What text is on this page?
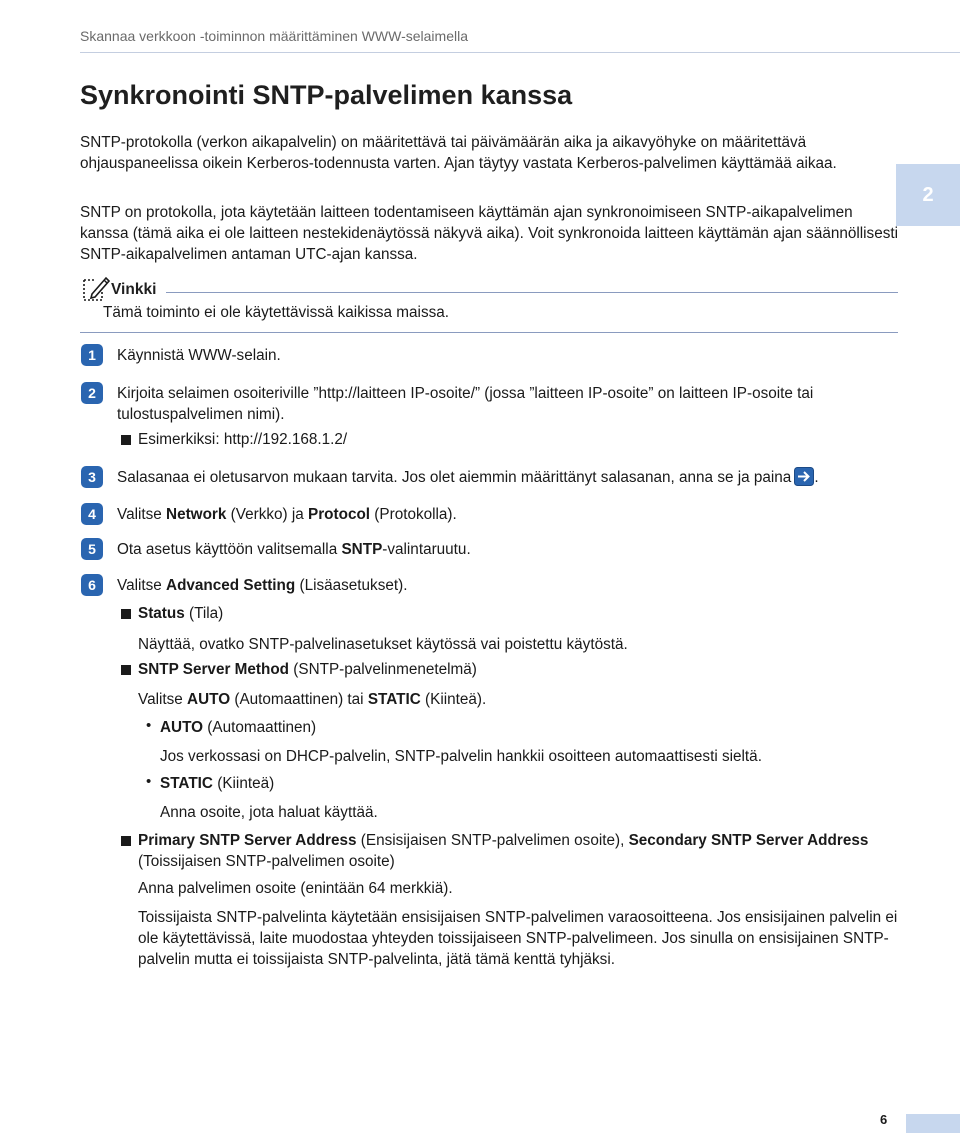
Skannaa verkkoon -toiminnon määrittäminen WWW-selaimella
2
Synkronointi SNTP-palvelimen kanssa

SNTP-protokolla (verkon aikapalvelin) on määritettävä tai päivämäärän aika ja aikavyöhyke on määritettävä ohjauspaneelissa oikein Kerberos-todennusta varten. Ajan täytyy vastata Kerberos-palvelimen käyttämää aikaa.

SNTP on protokolla, jota käytetään laitteen todentamiseen käyttämän ajan synkronoimiseen SNTP-aikapalvelimen kanssa (tämä aika ei ole laitteen nestekidenäytössä näkyvä aika). Voit synkronoida laitteen käyttämän ajan säännöllisesti SNTP-aikapalvelimen antaman UTC-ajan kanssa.

Vinkki
Tämä toiminto ei ole käytettävissä kaikissa maissa.
1	Käynnistä WWW-selain.

2	Kirjoita selaimen osoiteriville ”http://laitteen IP-osoite/” (jossa ”laitteen IP-osoite” on laitteen IP-osoite tai tulostuspalvelimen nimi).

Esimerkiksi: http://192.168.1.2/

3	Salasanaa ei oletusarvon mukaan tarvita. Jos olet aiemmin määrittänyt salasanan, anna se ja paina .

4	Valitse Network (Verkko) ja Protocol (Protokolla).

5	Ota asetus käyttöön valitsemalla SNTP-valintaruutu.

6	Valitse Advanced Setting (Lisäasetukset).

Status (Tila)

Näyttää, ovatko SNTP-palvelinasetukset käytössä vai poistettu käytöstä.

SNTP Server Method (SNTP-palvelinmenetelmä)

Valitse AUTO (Automaattinen) tai STATIC (Kiinteä).

• AUTO (Automaattinen)

Jos verkossasi on DHCP-palvelin, SNTP-palvelin hankkii osoitteen automaattisesti sieltä.

• STATIC (Kiinteä)

Anna osoite, jota haluat käyttää.

Primary SNTP Server Address (Ensisijaisen SNTP-palvelimen osoite), Secondary SNTP Server Address (Toissijaisen SNTP-palvelimen osoite)

Anna palvelimen osoite (enintään 64 merkkiä).

Toissijaista SNTP-palvelinta käytetään ensisijaisen SNTP-palvelimen varaosoitteena. Jos ensisijainen palvelin ei ole käytettävissä, laite muodostaa yhteyden toissijaiseen SNTP-palvelimeen. Jos sinulla on ensisijainen SNTP-palvelin mutta ei toissijaista SNTP-palvelinta, jätä tämä kenttä tyhjäksi.

6
